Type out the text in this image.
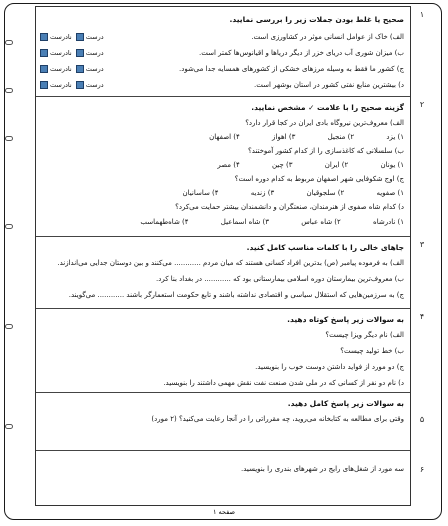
۱
صحیح یا غلط بودن جملات زیر را بررسی نمایید.
الف) خاک از عوامل انسانی موثر در کشاورزی است.
ب) میزان شوری آب دریای خزر از دیگر دریاها و اقیانوس‌ها کمتر است.
ج) کشور ما فقط به وسیله مرزهای خشکی از کشورهای همسایه جدا می‌شود.
د) بیشترین منابع نفتی کشور در استان بوشهر است.
درست نادرست
درست نادرست
درست نادرست
درست نادرست
۲
گزینه صحیح را با علامت ✓ مشخص نمایید.
الف) معروف‌ترین نیروگاه بادی ایران در کجا قرار دارد؟
۱) یزد ۲) منجیل ۳) اهواز ۴) اصفهان
ب) سلسلانی که کاغذسازی را از کدام کشور آموختند؟
۱) یونان ۲) ایران ۳) چین ۴) مصر
ج) اوج شکوفایی شهر اصفهان مربوط به کدام دوره است؟
۱) صفویه ۲) سلجوقیان ۳) زندیه ۴) ساسانیان
د) کدام شاه صفوی از هنرمندان، صنعتگران و دانشمندان بیشتر حمایت می‌کرد؟
۱) نادرشاه ۲) شاه عباس ۳) شاه اسماعیل ۴) شاه‌طهماسب
۳
جاهای خالی را با کلمات مناسب کامل کنید.
الف) به فرموده پیامبر (ص) بدترین افراد کسانی هستند که میان مردم ............ می‌کنند و بین دوستان جدایی می‌اندازند.
ب) معروف‌ترین بیمارستان دوره اسلامی بیمارستانی بود که ............ در بغداد بنا کرد.
ج) به سرزمین‌هایی که استقلال سیاسی و اقتصادی نداشته باشند و تابع حکومت استعمارگر باشند ............ می‌گویند.
۴
به سوالات زیر پاسخ کوتاه دهید.
الف) نام دیگر ویزا چیست؟
ب) خط تولید چیست؟
ج) دو مورد از فواید داشتن دوست خوب را بنویسید.
د) نام دو نفر از کسانی که در ملی شدن صنعت نفت نقش مهمی داشتند را بنویسید.
۵
به سوالات زیر پاسخ کامل دهید.
وقتی برای مطالعه به کتابخانه می‌روید، چه مقرراتی را در آنجا رعایت می‌کنید؟ (۲ مورد)
۶
سه مورد از شغل‌های رایج در شهرهای بندری را بنویسید.
صفحه ۱
